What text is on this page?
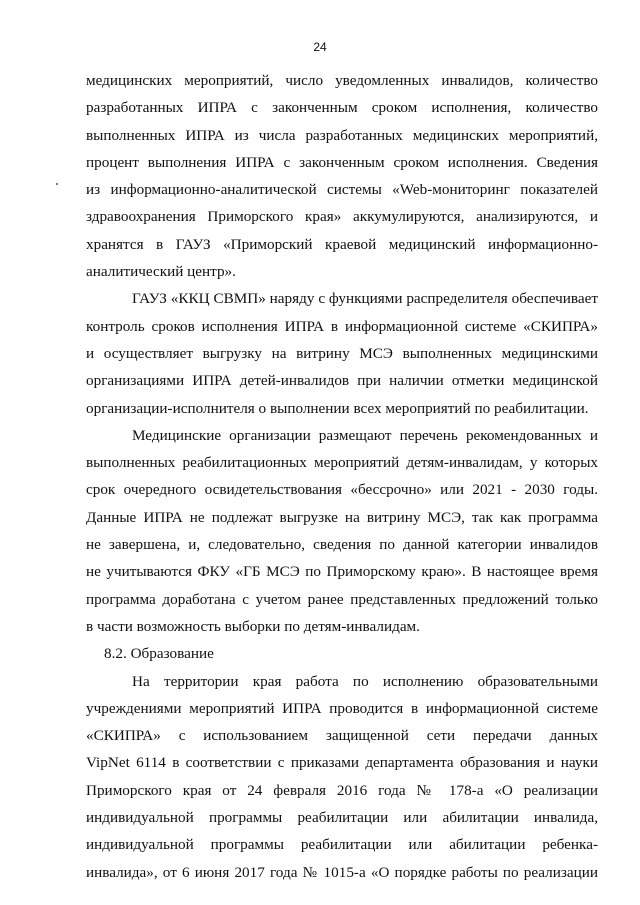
24

медицинских мероприятий, число уведомленных инвалидов, количество
разработанных ИПРА с законченным сроком исполнения, количество
выполненных ИПРА из числа разработанных медицинских мероприятий,
процент выполнения ИПРА с законченным сроком исполнения. Сведения
из информационно-аналитической системы «Web-мониторинг показателей
здравоохранения Приморского края» аккумулируются, анализируются, и
хранятся в ГАУЗ «Приморский краевой медицинский информационно-
аналитический центр».

ГАУЗ «ККЦ СВМП» наряду с функциями распределителя обеспечивает
контроль сроков исполнения ИПРА в информационной системе «СКИПРА»
и осуществляет выгрузку на витрину МСЭ выполненных медицинскими
организациями ИПРА детей-инвалидов при наличии отметки медицинской
организации-исполнителя о выполнении всех мероприятий по реабилитации.

Медицинские организации размещают перечень рекомендованных и
выполненных реабилитационных мероприятий детям-инвалидам, у которых
срок очередного освидетельствования «бессрочно» или 2021 - 2030 годы.
Данные ИПРА не подлежат выгрузке на витрину МСЭ, так как программа
не завершена, и, следовательно, сведения по данной категории инвалидов
не учитываются ФКУ «ГБ МСЭ по Приморскому краю». В настоящее время
программа доработана с учетом ранее представленных предложений только
в части возможность выборки по детям-инвалидам.

8.2. Образование

На территории края работа по исполнению образовательными
учреждениями мероприятий ИПРА проводится в информационной системе
«СКИПРА» с использованием защищенной сети передачи данных
VipNet 6114 в соответствии с приказами департамента образования и науки
Приморского края от 24 февраля 2016 года № 178-а «О реализации
индивидуальной программы реабилитации или абилитации инвалида,
индивидуальной программы реабилитации или абилитации ребенка-
инвалида», от 6 июня 2017 года № 1015-а «О порядке работы по реализации
